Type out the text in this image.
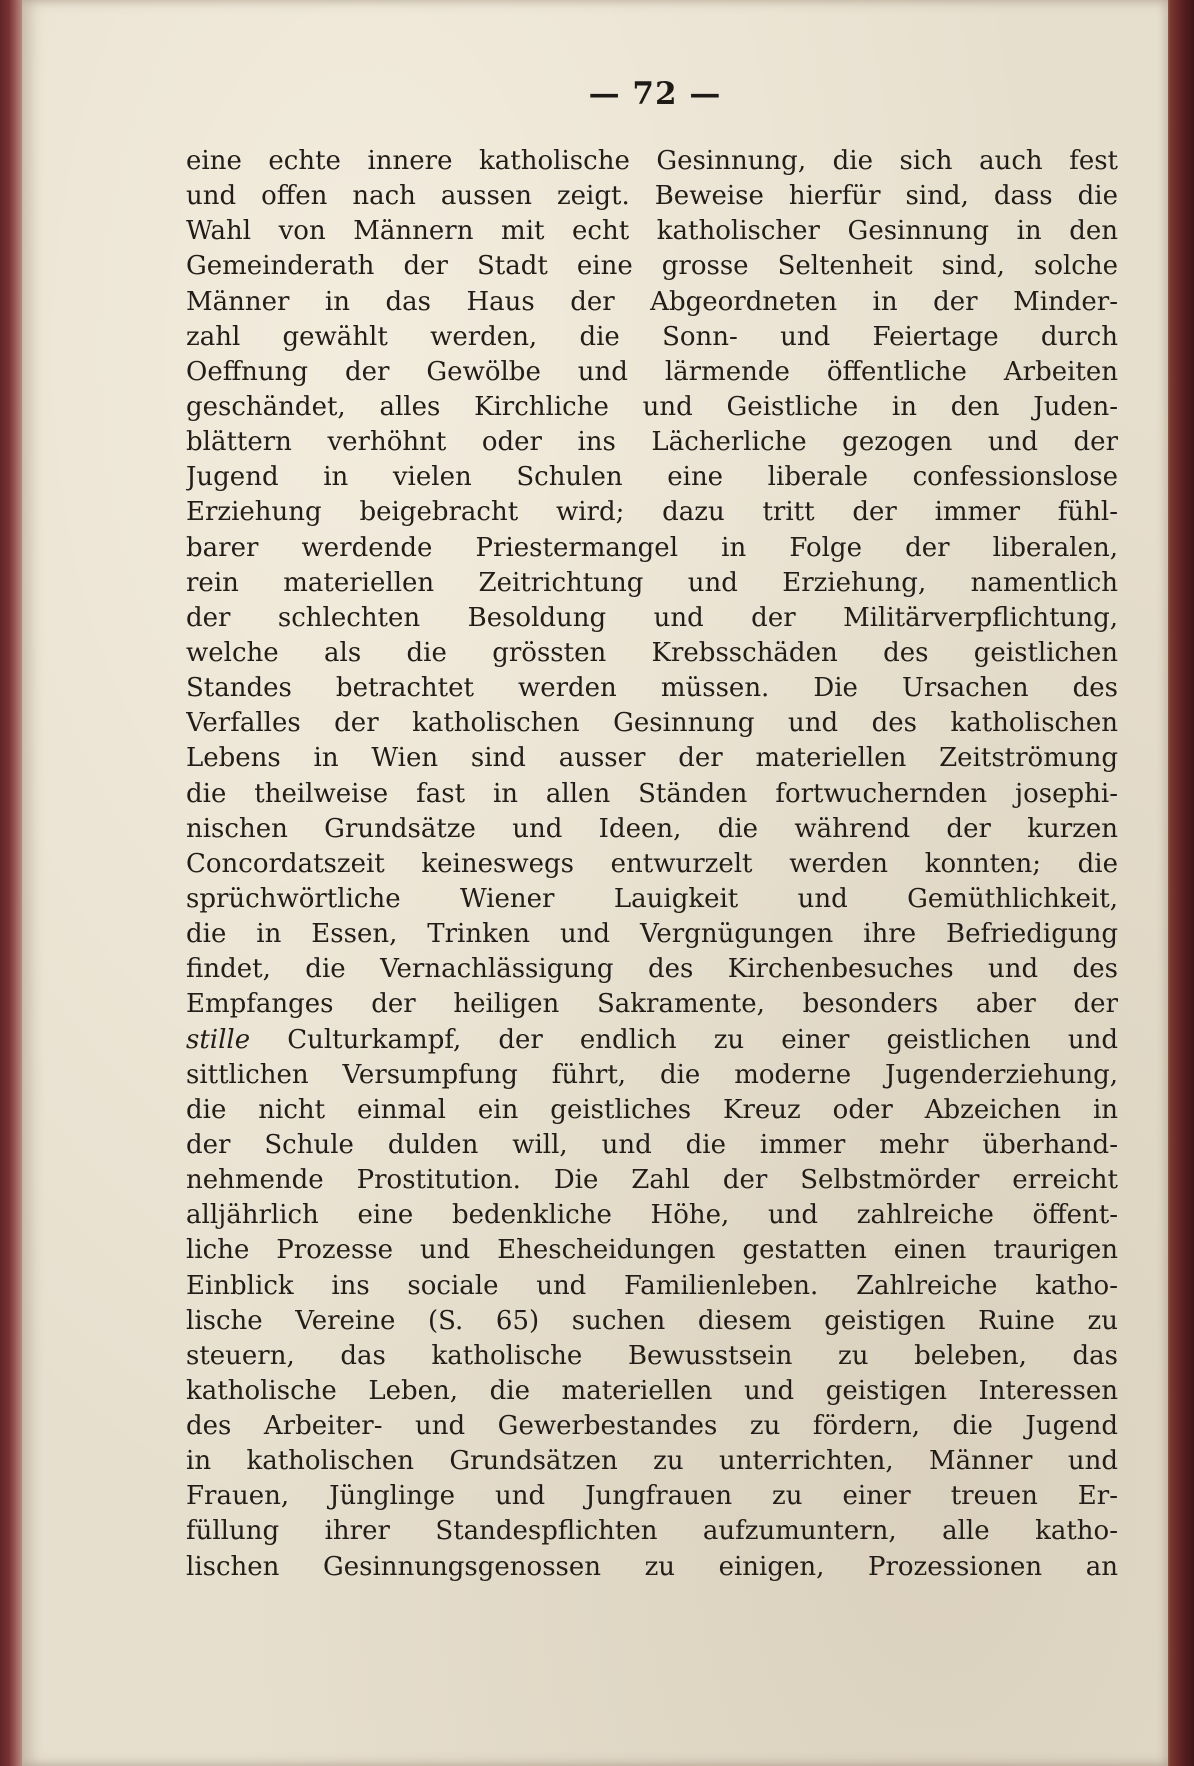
— 72 —
eine echte innere katholische Gesinnung, die sich auch fest
und offen nach aussen zeigt. Beweise hierfür sind, dass die
Wahl von Männern mit echt katholischer Gesinnung in den
Gemeinderath der Stadt eine grosse Seltenheit sind, solche
Männer in das Haus der Abgeordneten in der Minder-
zahl gewählt werden, die Sonn- und Feiertage durch
Oeffnung der Gewölbe und lärmende öffentliche Arbeiten
geschändet, alles Kirchliche und Geistliche in den Juden-
blättern verhöhnt oder ins Lächerliche gezogen und der
Jugend in vielen Schulen eine liberale confessionslose
Erziehung beigebracht wird; dazu tritt der immer fühl-
barer werdende Priestermangel in Folge der liberalen,
rein materiellen Zeitrichtung und Erziehung, namentlich
der schlechten Besoldung und der Militärverpflichtung,
welche als die grössten Krebsschäden des geistlichen
Standes betrachtet werden müssen. Die Ursachen des
Verfalles der katholischen Gesinnung und des katholischen
Lebens in Wien sind ausser der materiellen Zeitströmung
die theilweise fast in allen Ständen fortwuchernden josephi-
nischen Grundsätze und Ideen, die während der kurzen
Concordatszeit keineswegs entwurzelt werden konnten; die
sprüchwörtliche Wiener Lauigkeit und Gemüthlichkeit,
die in Essen, Trinken und Vergnügungen ihre Befriedigung
findet, die Vernachlässigung des Kirchenbesuches und des
Empfanges der heiligen Sakramente, besonders aber der
stille Culturkampf, der endlich zu einer geistlichen und
sittlichen Versumpfung führt, die moderne Jugenderziehung,
die nicht einmal ein geistliches Kreuz oder Abzeichen in
der Schule dulden will, und die immer mehr überhand-
nehmende Prostitution. Die Zahl der Selbstmörder erreicht
alljährlich eine bedenkliche Höhe, und zahlreiche öffent-
liche Prozesse und Ehescheidungen gestatten einen traurigen
Einblick ins sociale und Familienleben. Zahlreiche katho-
lische Vereine (S. 65) suchen diesem geistigen Ruine zu
steuern, das katholische Bewusstsein zu beleben, das
katholische Leben, die materiellen und geistigen Interessen
des Arbeiter- und Gewerbestandes zu fördern, die Jugend
in katholischen Grundsätzen zu unterrichten, Männer und
Frauen, Jünglinge und Jungfrauen zu einer treuen Er-
füllung ihrer Standespflichten aufzumuntern, alle katho-
lischen Gesinnungsgenossen zu einigen, Prozessionen an
